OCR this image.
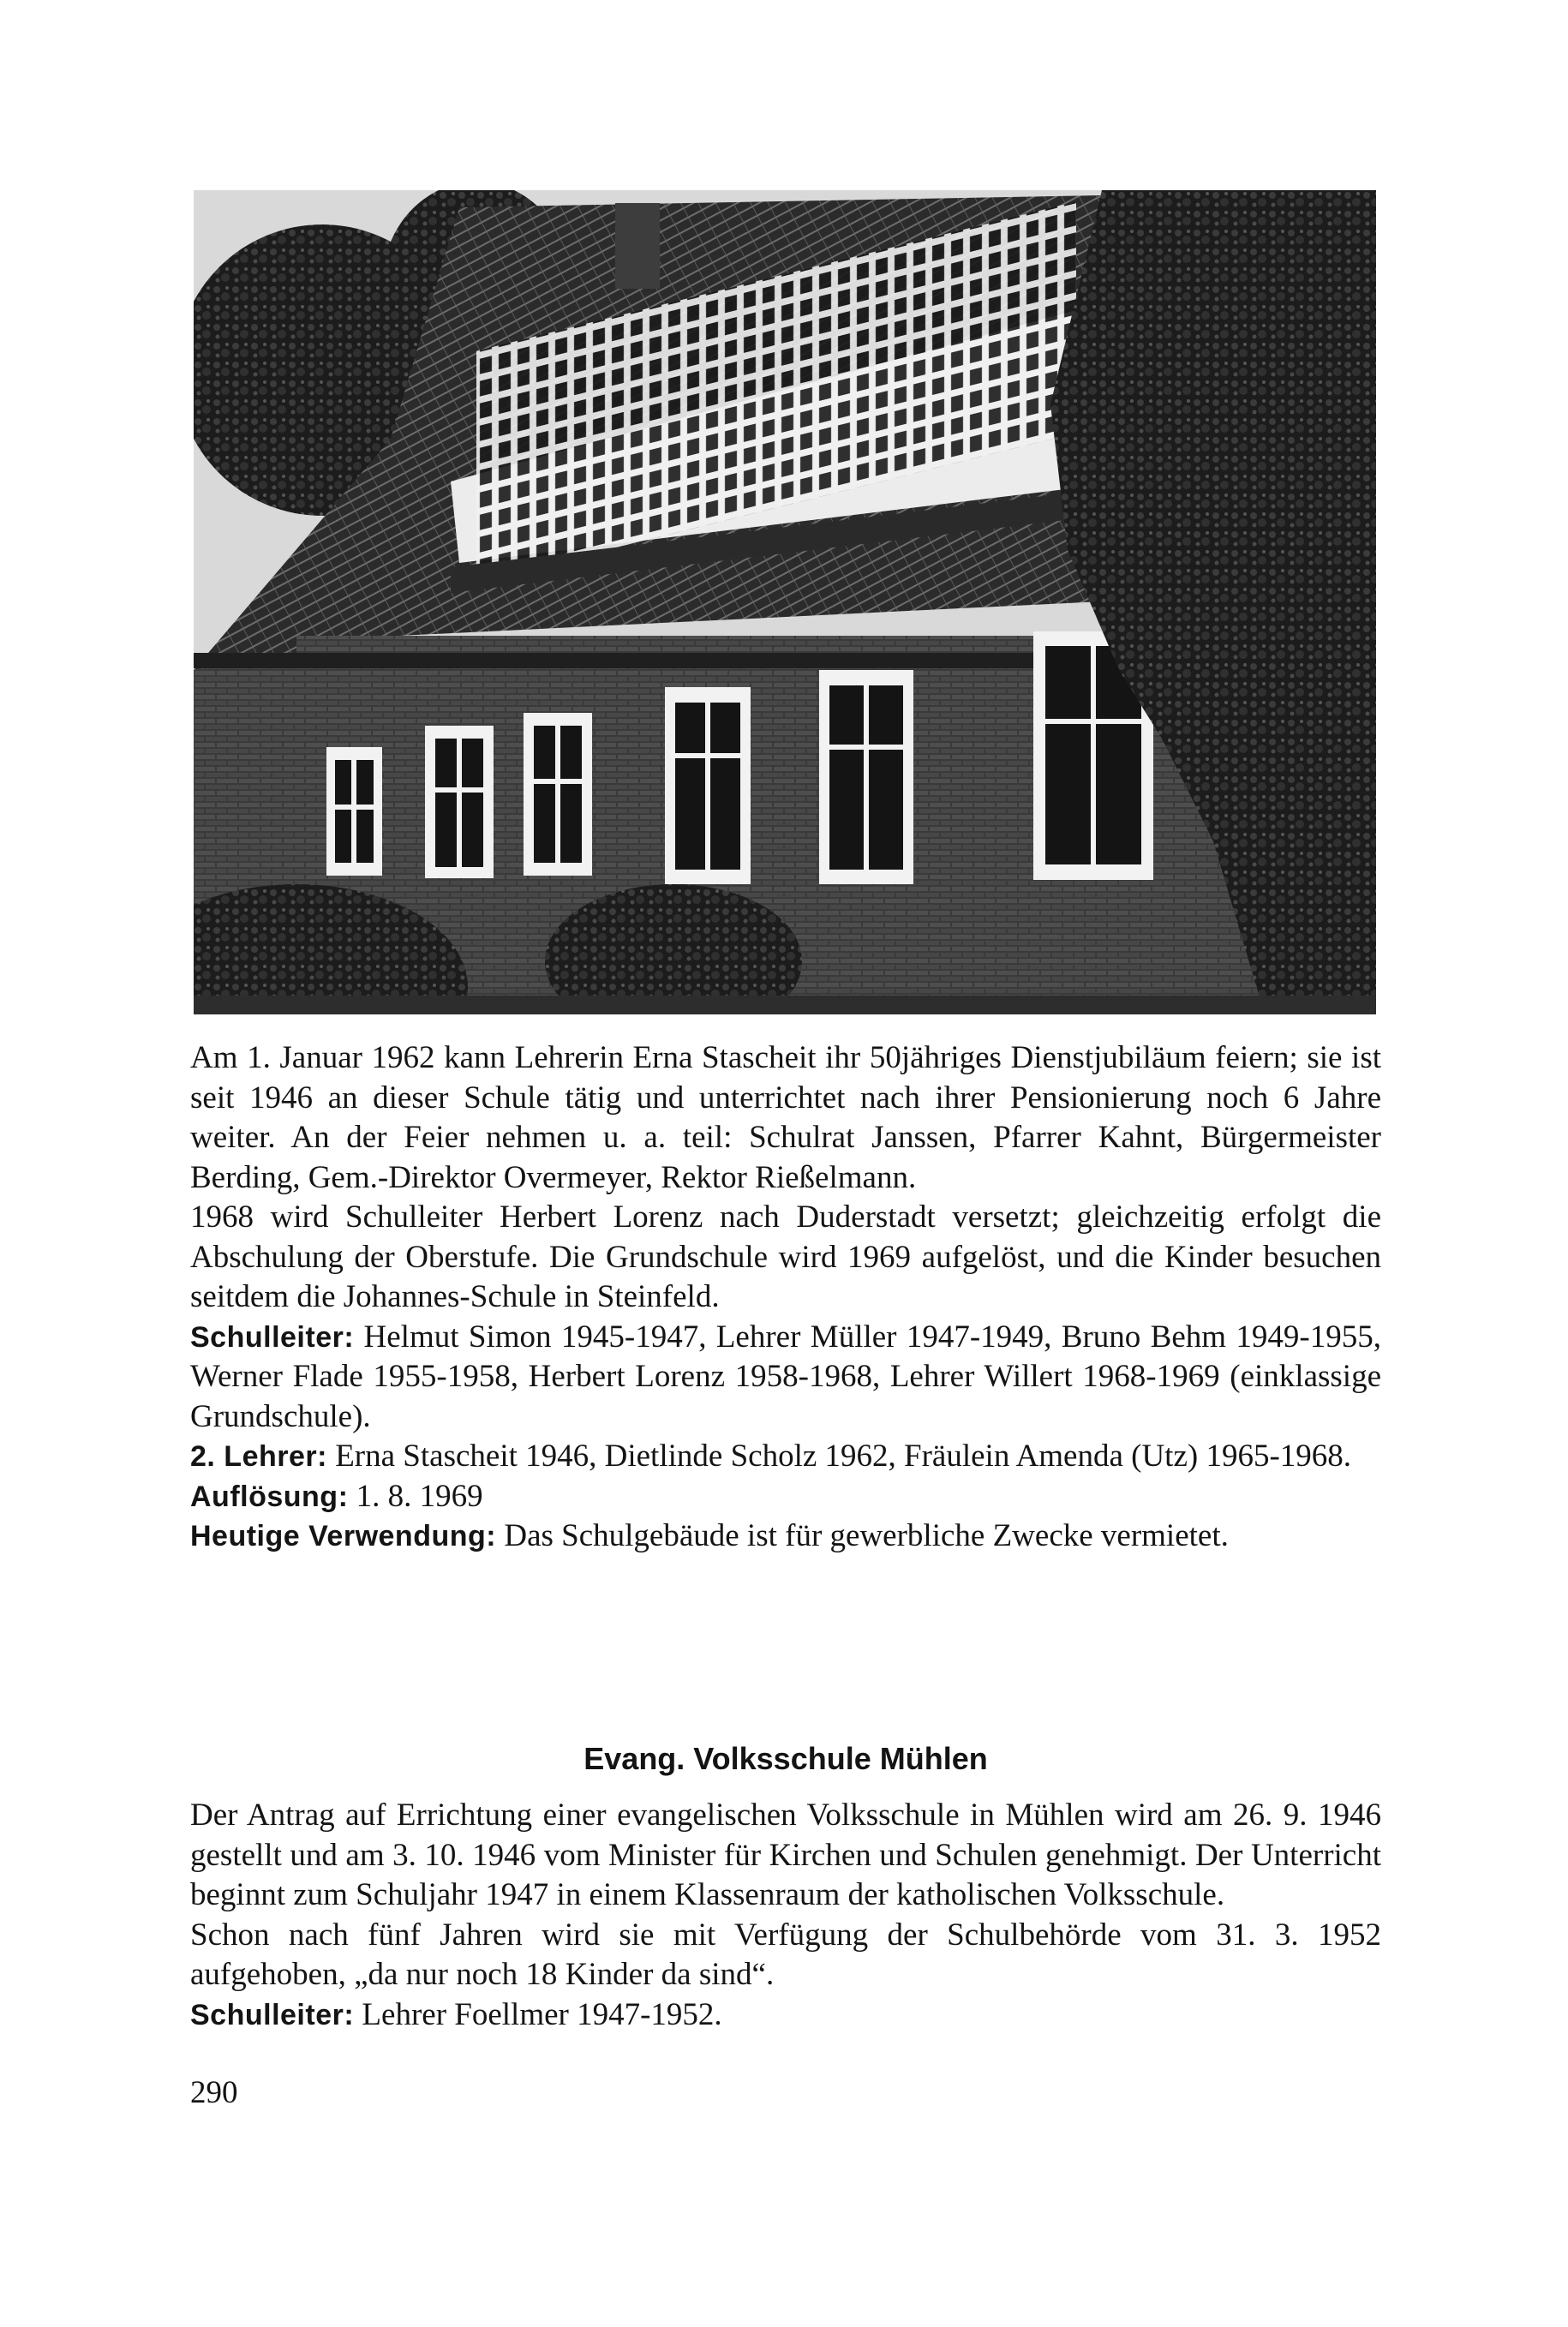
Am 1. Januar 1962 kann Lehrerin Erna Stascheit ihr 50jähriges Dienstjubiläum feiern; sie ist seit 1946 an dieser Schule tätig und unterrichtet nach ihrer Pensionierung noch 6 Jahre weiter. An der Feier nehmen u. a. teil: Schulrat Janssen, Pfarrer Kahnt, Bürgermeister Berding, Gem.-Direktor Overmeyer, Rektor Rießelmann.

1968 wird Schulleiter Herbert Lorenz nach Duderstadt versetzt; gleichzeitig erfolgt die Abschulung der Oberstufe. Die Grundschule wird 1969 aufgelöst, und die Kinder besuchen seitdem die Johannes-Schule in Steinfeld.

Schulleiter: Helmut Simon 1945-1947, Lehrer Müller 1947-1949, Bruno Behm 1949-1955, Werner Flade 1955-1958, Herbert Lorenz 1958-1968, Lehrer Willert 1968-1969 (einklassige Grundschule).

2. Lehrer: Erna Stascheit 1946, Dietlinde Scholz 1962, Fräulein Amenda (Utz) 1965-1968.

Auflösung: 1. 8. 1969

Heutige Verwendung: Das Schulgebäude ist für gewerbliche Zwecke vermietet.

Evang. Volksschule Mühlen

Der Antrag auf Errichtung einer evangelischen Volksschule in Mühlen wird am 26. 9. 1946 gestellt und am 3. 10. 1946 vom Minister für Kirchen und Schulen genehmigt. Der Unterricht beginnt zum Schuljahr 1947 in einem Klassenraum der katholischen Volksschule.

Schon nach fünf Jahren wird sie mit Verfügung der Schulbehörde vom 31. 3. 1952 aufgehoben, „da nur noch 18 Kinder da sind“.

Schulleiter: Lehrer Foellmer 1947-1952.

290
